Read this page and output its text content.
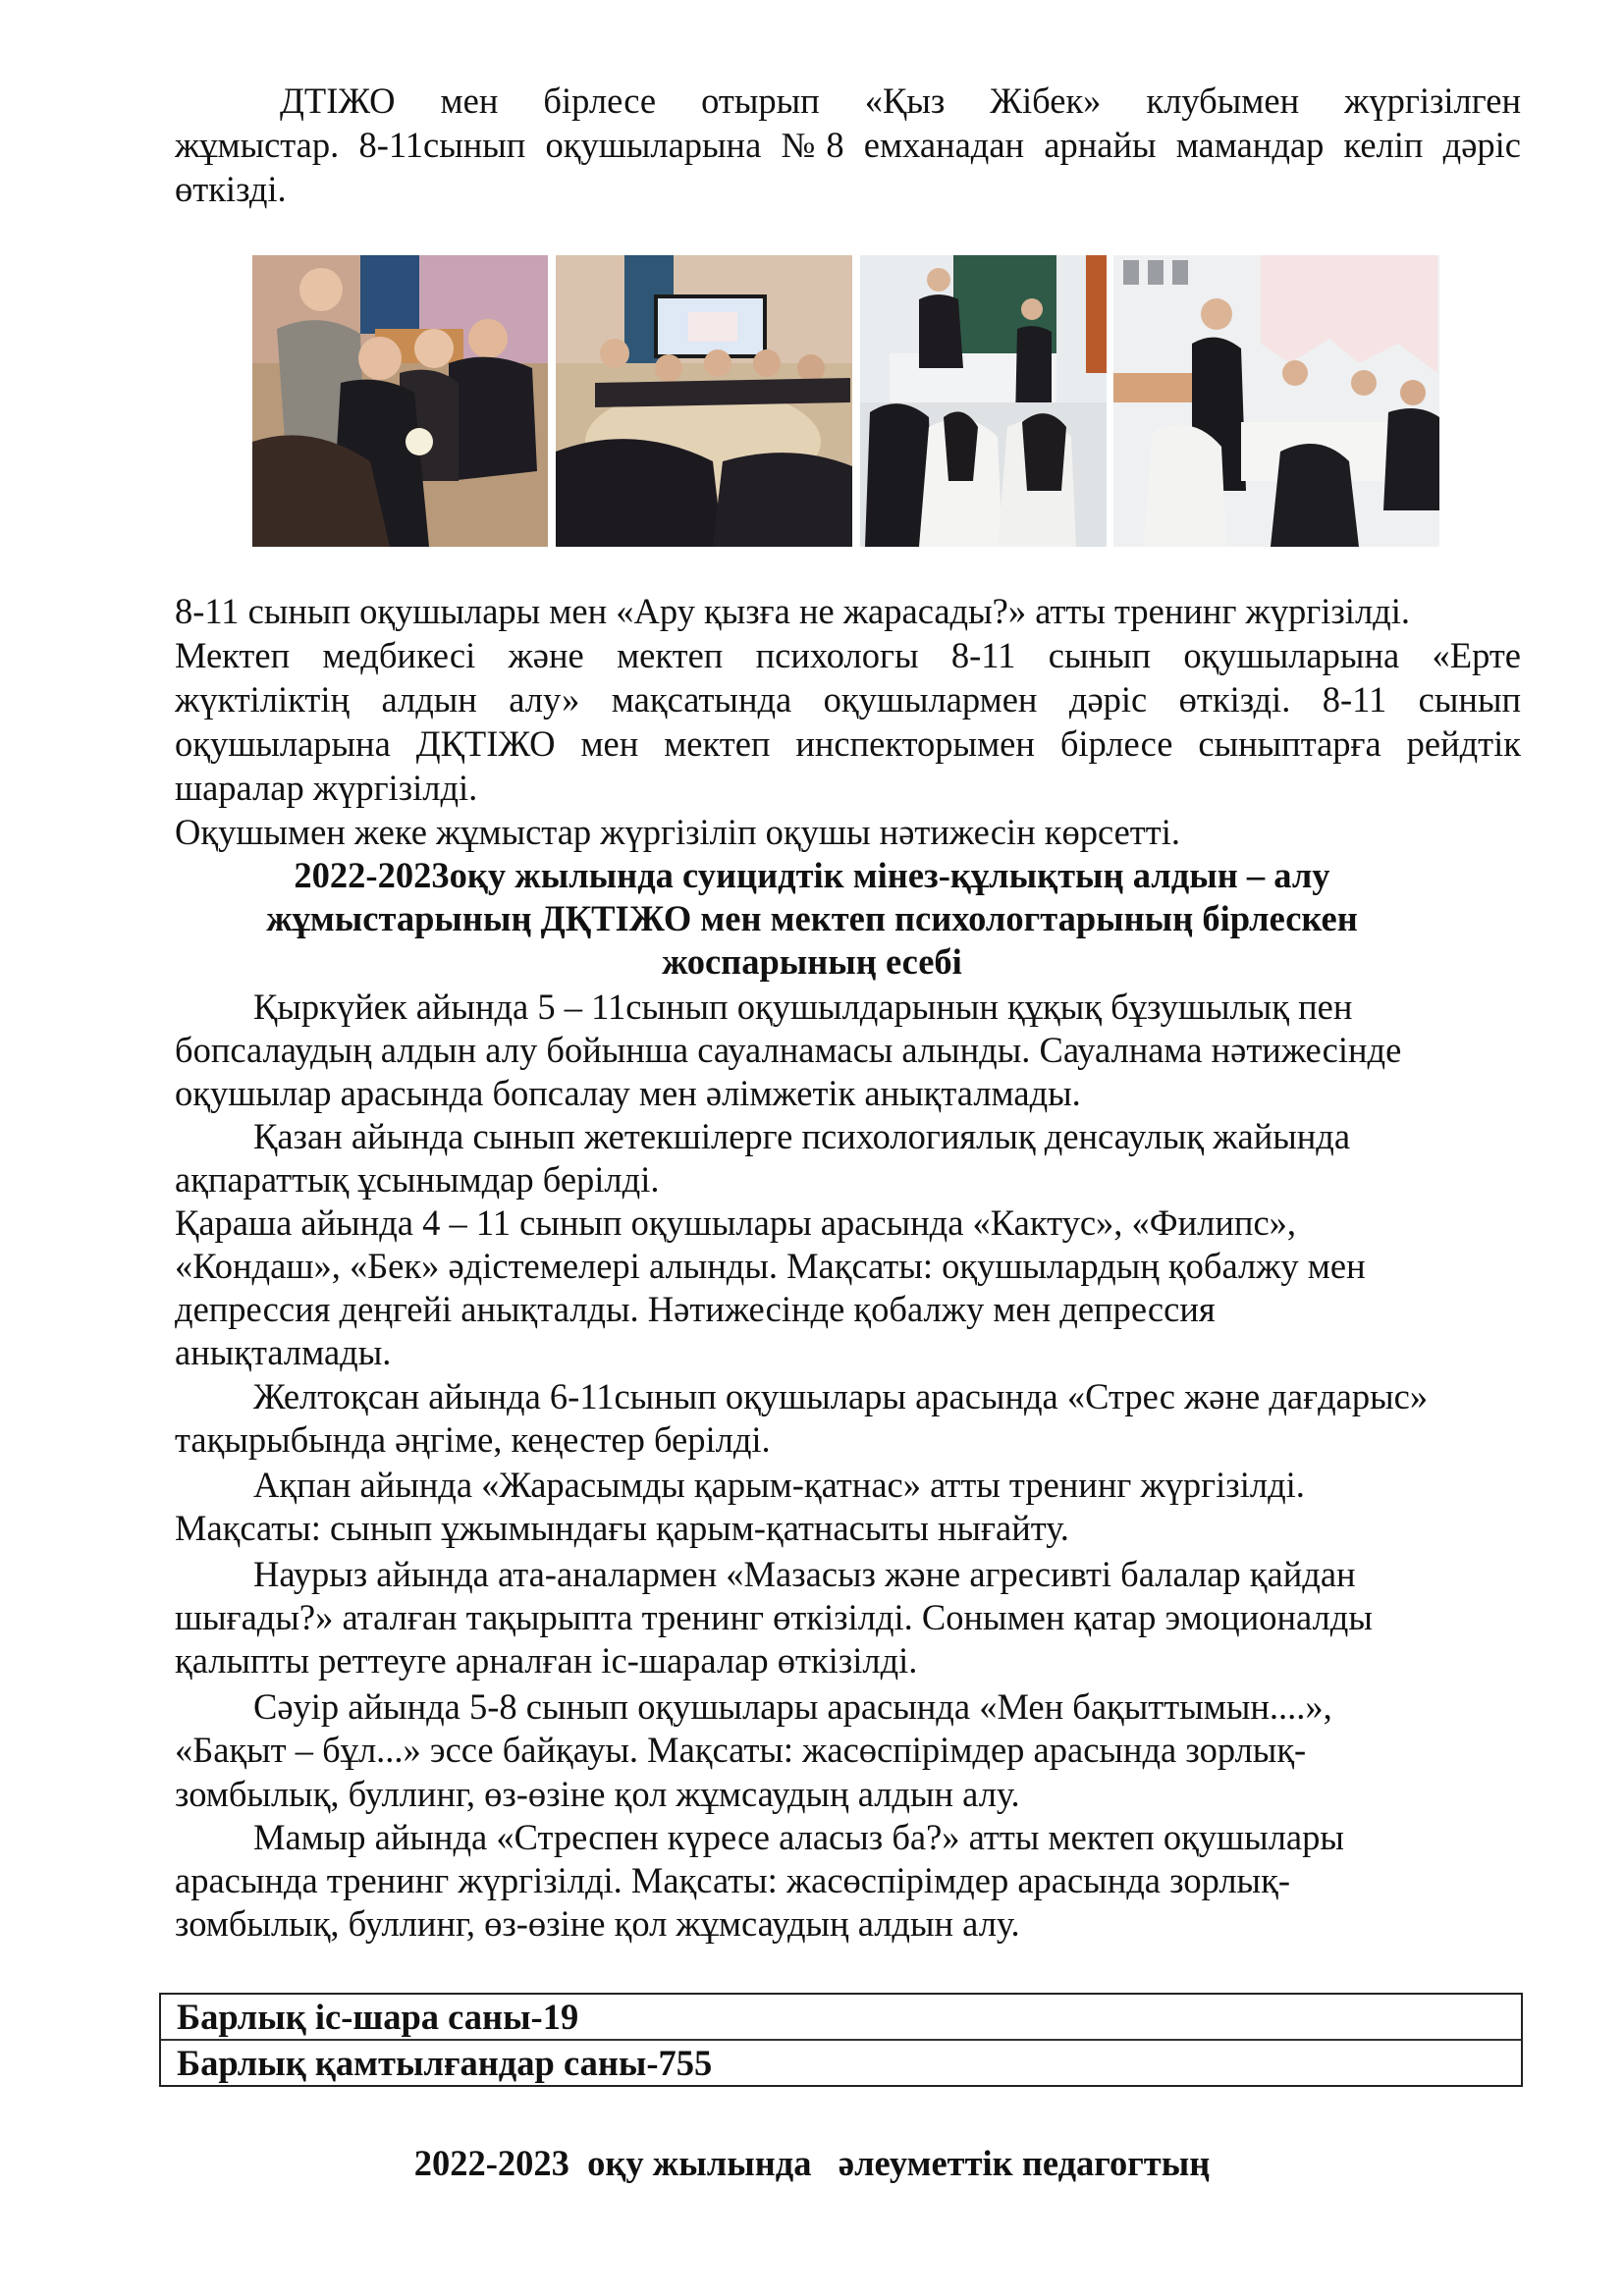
ДТІЖО мен бірлесе отырып «Қыз Жібек» клубымен жүргізілген
жұмыстар. 8-11сынып оқушыларына №8 емханадан арнайы мамандар келіп дәріс
өткізді.
8-11 сынып оқушылары мен «Ару қызға не жарасады?» атты тренинг жүргізілді.
Мектеп медбикесі және мектеп психологы 8-11 сынып оқушыларына «Ерте
жүктіліктің алдын алу» мақсатында оқушылармен дәріс өткізді. 8-11 сынып
оқушыларына ДҚТІЖО мен мектеп инспекторымен бірлесе сыныптарға рейдтік
шаралар жүргізілді.
Оқушымен жеке жұмыстар жүргізіліп оқушы нәтижесін көрсетті.
2022-2023оқу жылында суицидтік мінез-құлықтың алдын – алу
жұмыстарының ДҚТІЖО мен мектеп психологтарының бірлескен
жоспарының есебі
Қыркүйек айында 5 – 11сынып оқушылдарынын құқық бұзушылық пен
бопсалаудың алдын алу бойынша сауалнамасы алынды. Сауалнама нәтижесінде
оқушылар арасында бопсалау мен әлімжетік анықталмады.
Қазан айында сынып жетекшілерге психологиялық денсаулық жайында
ақпараттық ұсынымдар берілді.
Қараша айында 4 – 11 сынып оқушылары арасында «Кактус», «Филипс»,
«Кондаш», «Бек» әдістемелері алынды. Мақсаты: оқушылардың қобалжу мен
депрессия деңгейі анықталды. Нәтижесінде қобалжу мен депрессия
анықталмады.
Желтоқсан айында 6-11сынып оқушылары арасында «Стрес және дағдарыс»
тақырыбында әңгіме, кеңестер берілді.
Ақпан айында «Жарасымды қарым-қатнас» атты тренинг жүргізілді.
Мақсаты: сынып ұжымындағы қарым-қатнасыты нығайту.
Наурыз айында ата-аналармен «Мазасыз және агресивті балалар қайдан
шығады?» аталған тақырыпта тренинг өткізілді. Сонымен қатар эмоционалды
қалыпты реттеуге арналған іс-шаралар өткізілді.
Сәуір айында 5-8 сынып оқушылары арасында «Мен бақыттымын....»,
«Бақыт – бұл...» эссе байқауы. Мақсаты: жасөспірімдер арасында зорлық-
зомбылық, буллинг, өз-өзіне қол жұмсаудың алдын алу.
Мамыр айында «Стреспен күресе аласыз ба?» атты мектеп оқушылары
арасында тренинг жүргізілді. Мақсаты: жасөспірімдер арасында зорлық-
зомбылық, буллинг, өз-өзіне қол жұмсаудың алдын алу.
Барлық іс-шара саны-19
Барлық қамтылғандар саны-755
2022-2023  оқу жылында   әлеуметтік педагогтың
